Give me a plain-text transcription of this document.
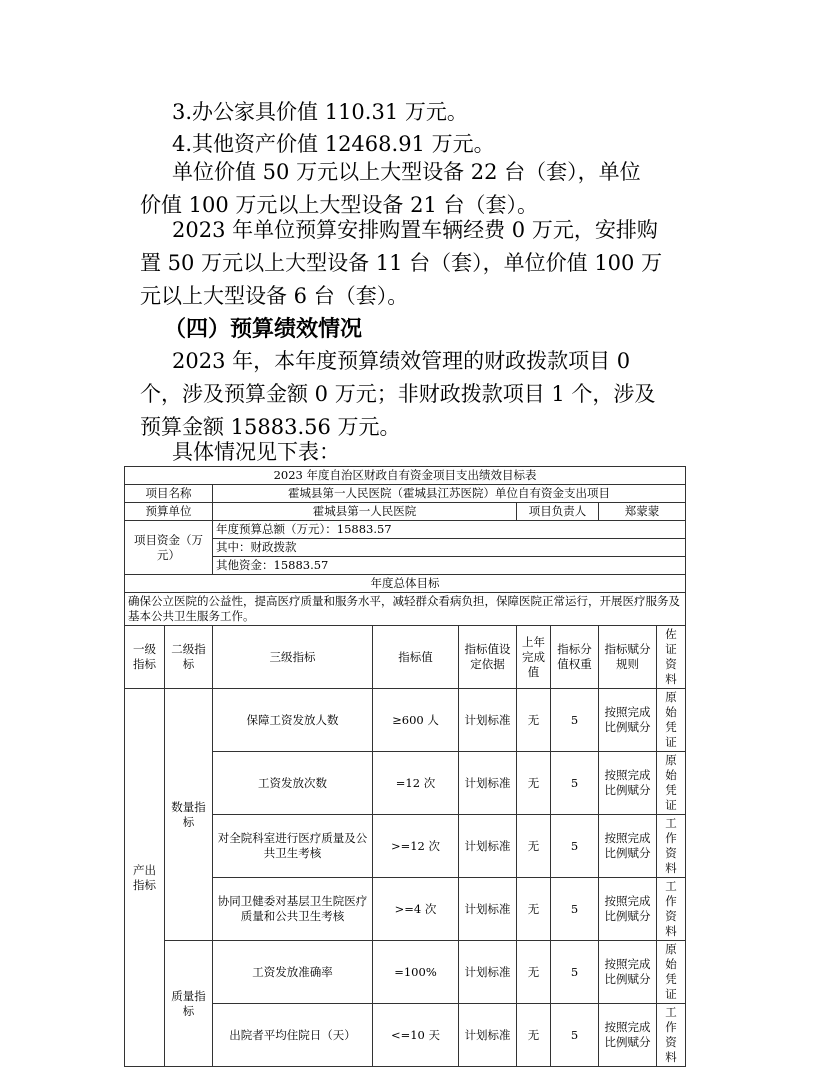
3.办公家具价值 110.31 万元。

4.其他资产价值 12468.91 万元。

单位价值 50 万元以上大型设备 22 台（套），单位
价值 100 万元以上大型设备 21 台（套）。
2023 年单位预算安排购置车辆经费 0 万元，安排购
置 50 万元以上大型设备 11 台（套），单位价值 100 万
元以上大型设备 6 台（套）。
（四）预算绩效情况
2023 年，本年度预算绩效管理的财政拨款项目 0
个，涉及预算金额 0 万元；非财政拨款项目 1 个，涉及
预算金额 15883.56 万元。

具体情况见下表：

2023 年度自治区财政自有资金项目支出绩效目标表								
项目名称		霍城县第一人民医院（霍城县江苏医院）单位自有资金支出项目						
预算单位		霍城县第一人民医院			项目负责人		郑蒙蒙	
项目资金（万元）		年度预算总额（万元）：15883.57						
		其中：财政拨款						
		其他资金：15883.57						
年度总体目标								
确保公立医院的公益性，提高医疗质量和服务水平，减轻群众看病负担，保障医院正常运行，开展医疗服务及基本公共卫生服务工作。								
一级指标	二级指标	三级指标	指标值	指标值设定依据	上年完成值	指标分值权重	指标赋分规则	佐证资料
产出指标	数量指标	保障工资发放人数	≥600 人	计划标准	无	5	按照完成比例赋分	原始凭证
		工资发放次数	=12 次	计划标准	无	5	按照完成比例赋分	原始凭证
		对全院科室进行医疗质量及公共卫生考核	>=12 次	计划标准	无	5	按照完成比例赋分	工作资料
		协同卫健委对基层卫生院医疗质量和公共卫生考核	>=4 次	计划标准	无	5	按照完成比例赋分	工作资料
	质量指标	工资发放准确率	=100%	计划标准	无	5	按照完成比例赋分	原始凭证
		出院者平均住院日（天）	<=10 天	计划标准	无	5	按照完成比例赋分	工作资料
